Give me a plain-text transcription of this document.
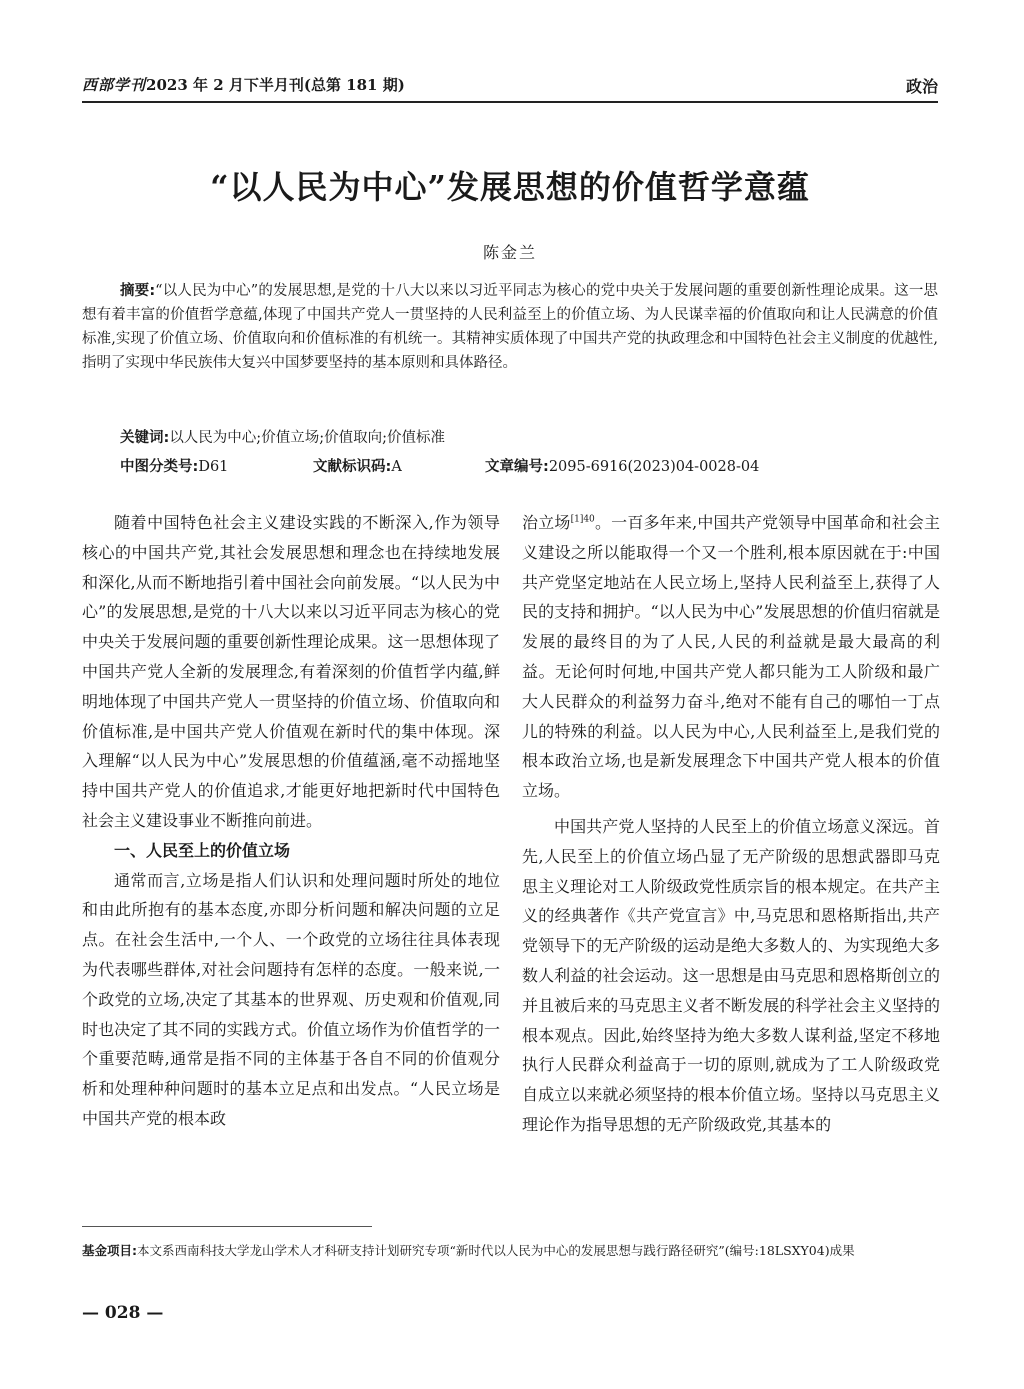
西部学刊2023 年 2 月下半月刊(总第 181 期)	政治
“以人民为中心”发展思想的价值哲学意蕴
陈金兰

摘要:“以人民为中心”的发展思想,是党的十八大以来以习近平同志为核心的党中央关于发展问题的重要创新性理论成果。这一思想有着丰富的价值哲学意蕴,体现了中国共产党人一贯坚持的人民利益至上的价值立场、为人民谋幸福的价值取向和让人民满意的价值标准,实现了价值立场、价值取向和价值标准的有机统一。其精神实质体现了中国共产党的执政理念和中国特色社会主义制度的优越性,指明了实现中华民族伟大复兴中国梦要坚持的基本原则和具体路径。

关键词:以人民为中心;价值立场;价值取向;价值标准
中图分类号:D61	文献标识码:A	文章编号:2095-6916(2023)04-0028-04

随着中国特色社会主义建设实践的不断深入,作为领导核心的中国共产党,其社会发展思想和理念也在持续地发展和深化,从而不断地指引着中国社会向前发展。“以人民为中心”的发展思想,是党的十八大以来以习近平同志为核心的党中央关于发展问题的重要创新性理论成果。这一思想体现了中国共产党人全新的发展理念,有着深刻的价值哲学内蕴,鲜明地体现了中国共产党人一贯坚持的价值立场、价值取向和价值标准,是中国共产党人价值观在新时代的集中体现。深入理解“以人民为中心”发展思想的价值蕴涵,毫不动摇地坚持中国共产党人的价值追求,才能更好地把新时代中国特色社会主义建设事业不断推向前进。

一、人民至上的价值立场

通常而言,立场是指人们认识和处理问题时所处的地位和由此所抱有的基本态度,亦即分析问题和解决问题的立足点。在社会生活中,一个人、一个政党的立场往往具体表现为代表哪些群体,对社会问题持有怎样的态度。一般来说,一个政党的立场,决定了其基本的世界观、历史观和价值观,同时也决定了其不同的实践方式。价值立场作为价值哲学的一个重要范畴,通常是指不同的主体基于各自不同的价值观分析和处理种种问题时的基本立足点和出发点。“人民立场是中国共产党的根本政

治立场$^{[1]40}$。一百多年来,中国共产党领导中国革命和社会主义建设之所以能取得一个又一个胜利,根本原因就在于:中国共产党坚定地站在人民立场上,坚持人民利益至上,获得了人民的支持和拥护。“以人民为中心”发展思想的价值归宿就是发展的最终目的为了人民,人民的利益就是最大最高的利益。无论何时何地,中国共产党人都只能为工人阶级和最广大人民群众的利益努力奋斗,绝对不能有自己的哪怕一丁点儿的特殊的利益。以人民为中心,人民利益至上,是我们党的根本政治立场,也是新发展理念下中国共产党人根本的价值立场。

中国共产党人坚持的人民至上的价值立场意义深远。首先,人民至上的价值立场凸显了无产阶级的思想武器即马克思主义理论对工人阶级政党性质宗旨的根本规定。在共产主义的经典著作《共产党宣言》中,马克思和恩格斯指出,共产党领导下的无产阶级的运动是绝大多数人的、为实现绝大多数人利益的社会运动。这一思想是由马克思和恩格斯创立的并且被后来的马克思主义者不断发展的科学社会主义坚持的根本观点。因此,始终坚持为绝大多数人谋利益,坚定不移地执行人民群众利益高于一切的原则,就成为了工人阶级政党自成立以来就必须坚持的根本价值立场。坚持以马克思主义理论作为指导思想的无产阶级政党,其基本的

基金项目:本文系西南科技大学龙山学术人才科研支持计划研究专项“新时代以人民为中心的发展思想与践行路径研究”(编号:18LSXY04)成果
— 028 —
